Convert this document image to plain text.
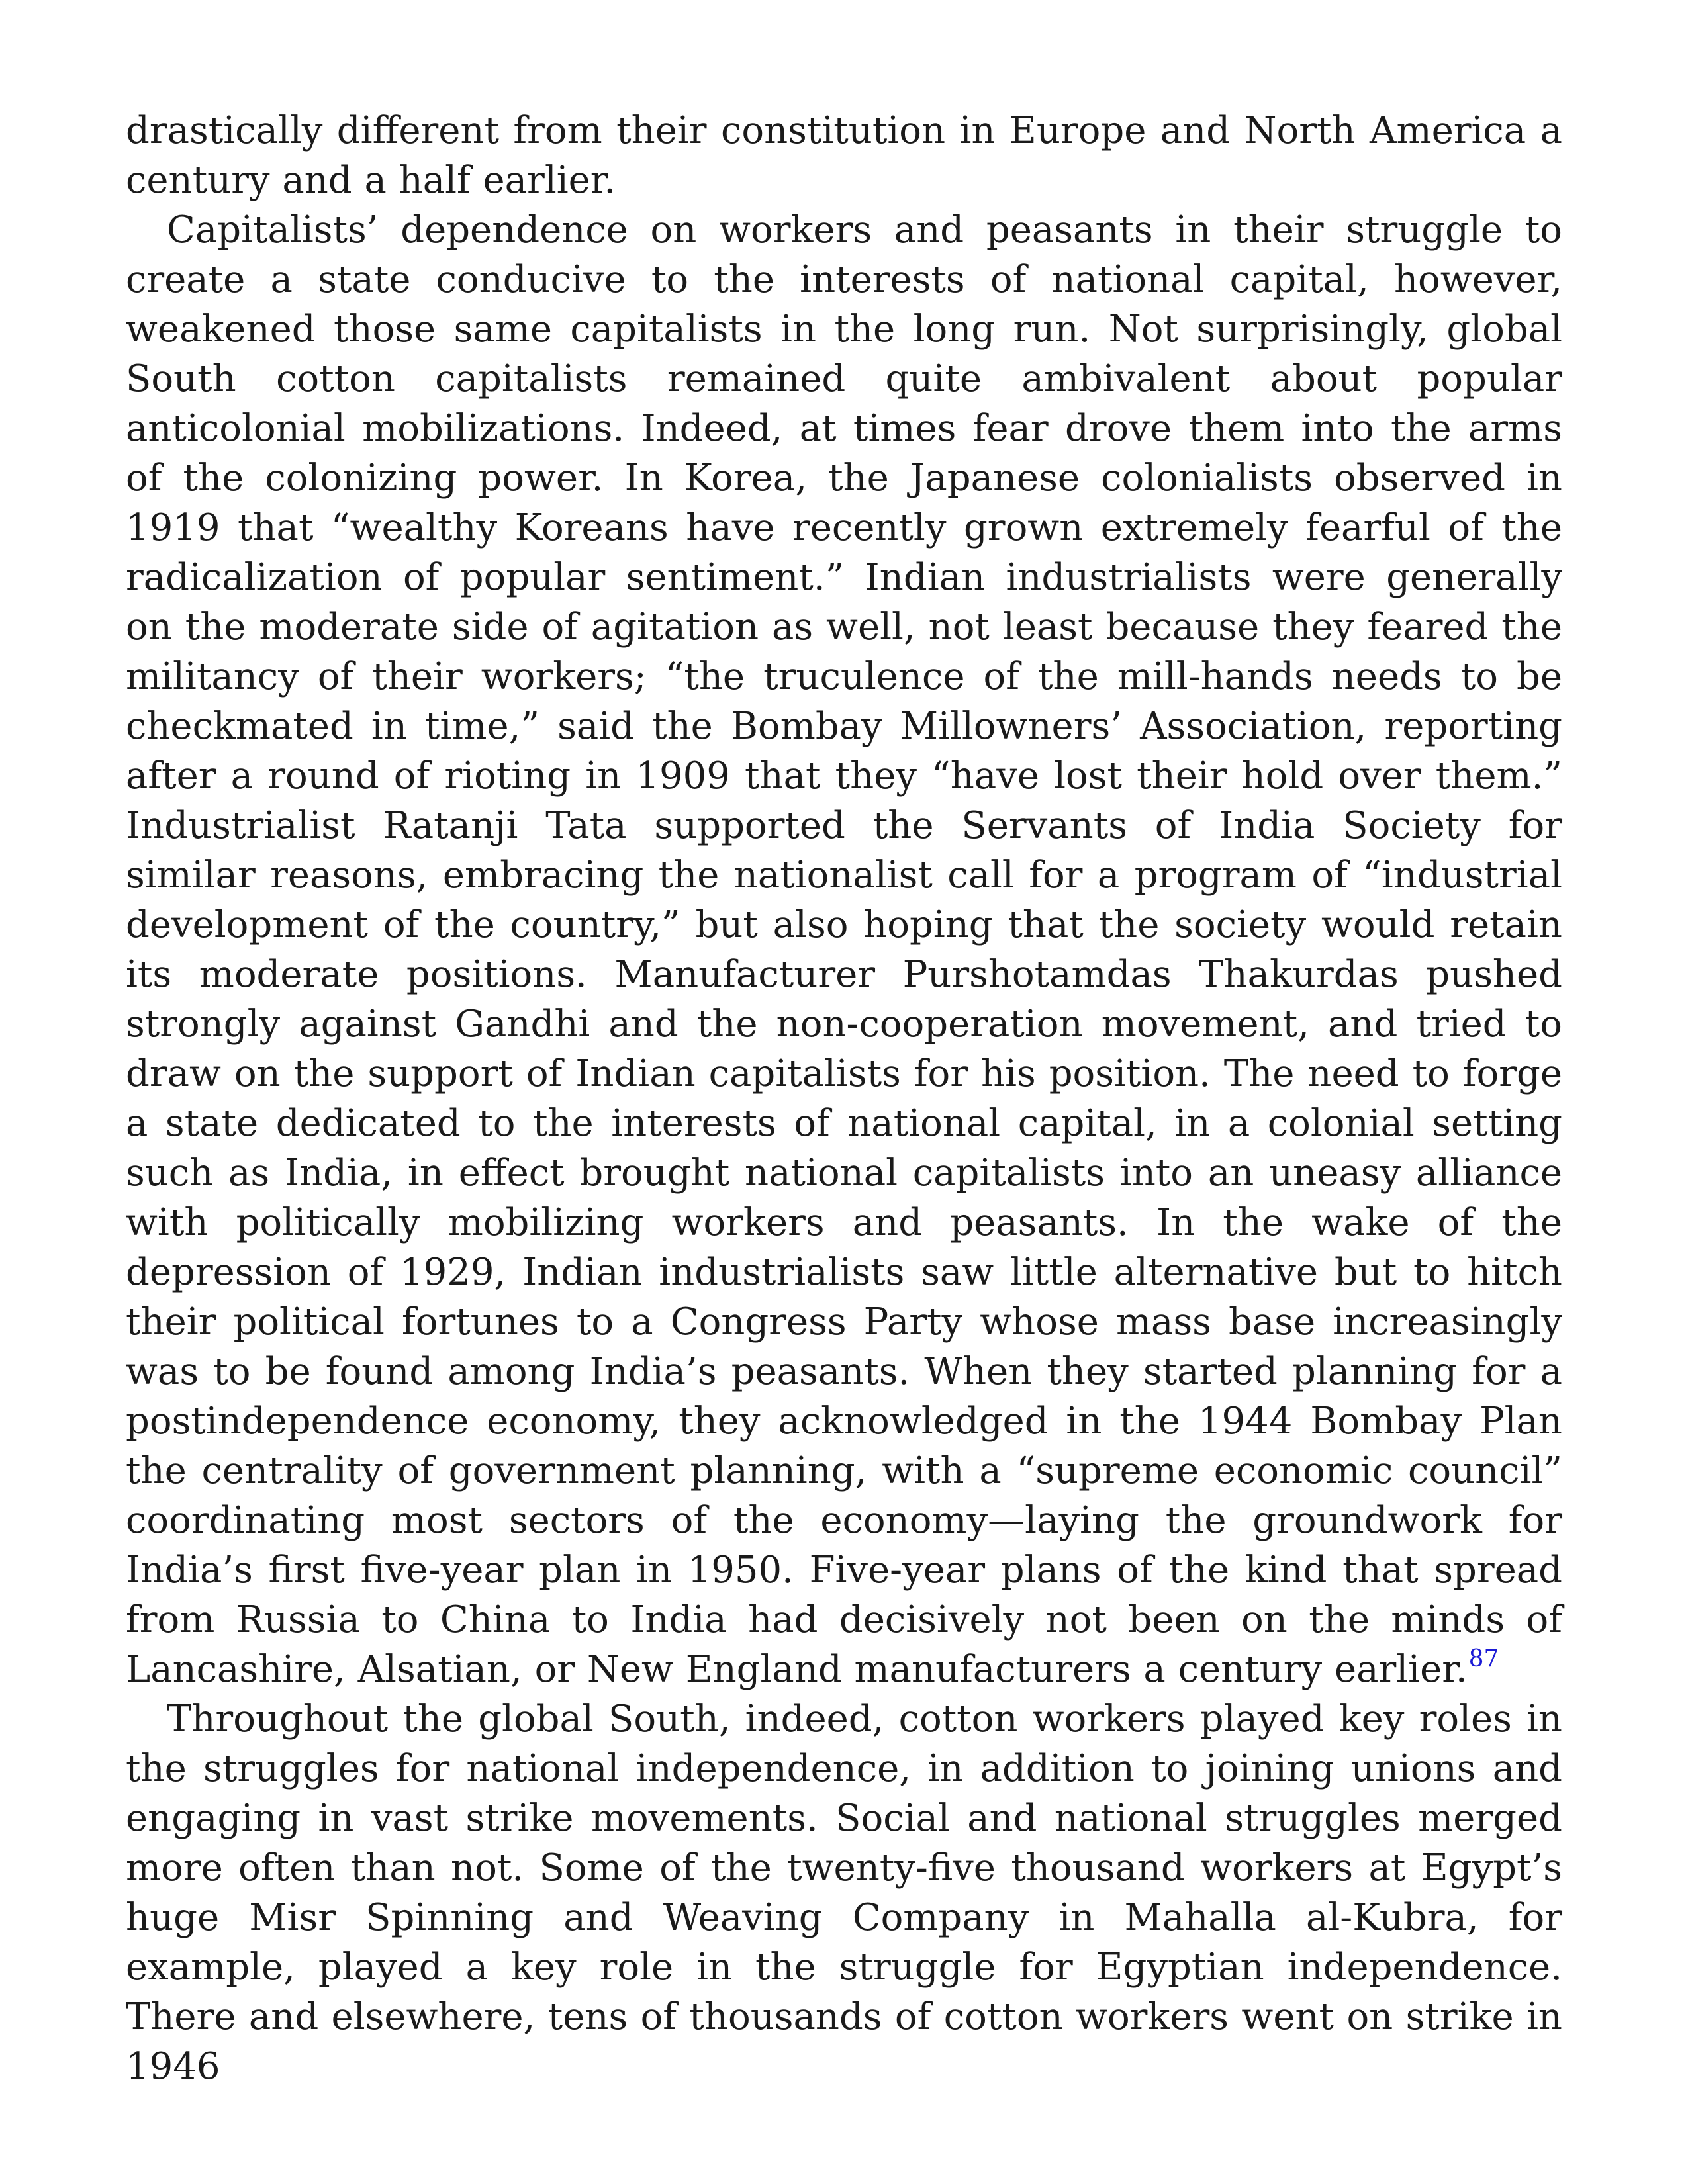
drastically different from their constitution in Europe and North America a century and a half earlier.

Capitalists’ dependence on workers and peasants in their struggle to create a state conducive to the interests of national capital, however, weakened those same capitalists in the long run. Not surprisingly, global South cotton capitalists remained quite ambivalent about popular anticolonial mobilizations. Indeed, at times fear drove them into the arms of the colonizing power. In Korea, the Japanese colonialists observed in 1919 that “wealthy Koreans have recently grown extremely fearful of the radicalization of popular sentiment.” Indian industrialists were generally on the moderate side of agitation as well, not least because they feared the militancy of their workers; “the truculence of the mill-hands needs to be checkmated in time,” said the Bombay Millowners’ Association, reporting after a round of rioting in 1909 that they “have lost their hold over them.” Industrialist Ratanji Tata supported the Servants of India Society for similar reasons, embracing the nationalist call for a program of “industrial development of the country,” but also hoping that the society would retain its moderate positions. Manufacturer Purshotamdas Thakurdas pushed strongly against Gandhi and the non-cooperation movement, and tried to draw on the support of Indian capitalists for his position. The need to forge a state dedicated to the interests of national capital, in a colonial setting such as India, in effect brought national capitalists into an uneasy alliance with politically mobilizing workers and peasants. In the wake of the depression of 1929, Indian industrialists saw little alternative but to hitch their political fortunes to a Congress Party whose mass base increasingly was to be found among India’s peasants. When they started planning for a postindependence economy, they acknowledged in the 1944 Bombay Plan the centrality of government planning, with a “supreme economic council” coordinating most sectors of the economy—laying the groundwork for India’s first five-year plan in 1950. Five-year plans of the kind that spread from Russia to China to India had decisively not been on the minds of Lancashire, Alsatian, or New England manufacturers a century earlier.$^{87}$

Throughout the global South, indeed, cotton workers played key roles in the struggles for national independence, in addition to joining unions and engaging in vast strike movements. Social and national struggles merged more often than not. Some of the twenty-five thousand workers at Egypt’s huge Misr Spinning and Weaving Company in Mahalla al-Kubra, for example, played a key role in the struggle for Egyptian independence. There and elsewhere, tens of thousands of cotton workers went on strike in 1946
